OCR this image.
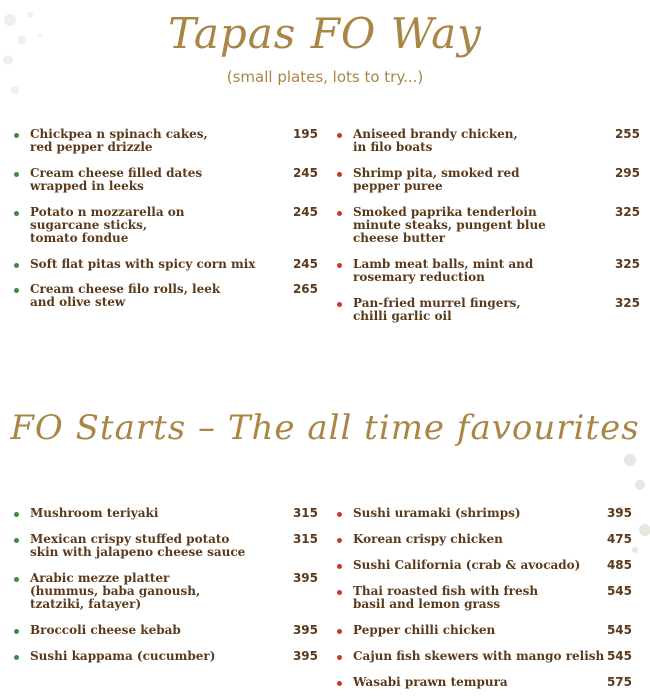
Tapas FO Way
(small plates, lots to try...)
Chickpea n spinach cakes,
red pepper drizzle
195
Cream cheese filled dates
wrapped in leeks
245
Potato n mozzarella on
sugarcane sticks,
tomato fondue
245
Soft flat pitas with spicy corn mix	245
Cream cheese filo rolls, leek
and olive stew
265
Aniseed brandy chicken,
in filo boats
255
Shrimp pita, smoked red
pepper puree
295
Smoked paprika tenderloin
minute steaks, pungent blue
cheese butter
325
Lamb meat balls, mint and
rosemary reduction
325
Pan-fried murrel fingers,
chilli garlic oil
325
FO Starts – The all time favourites
Mushroom teriyaki	315
Mexican crispy stuffed potato
skin with jalapeno cheese sauce
315
Arabic mezze platter
(hummus, baba ganoush,
tzatziki, fatayer)
395
Broccoli cheese kebab	395
Sushi kappama (cucumber)	395
Sushi uramaki (shrimps)	395
Korean crispy chicken	475
Sushi California (crab & avocado)	485
Thai roasted fish with fresh
basil and lemon grass
545
Pepper chilli chicken	545
Cajun fish skewers with mango relish 545
Wasabi prawn tempura	575
